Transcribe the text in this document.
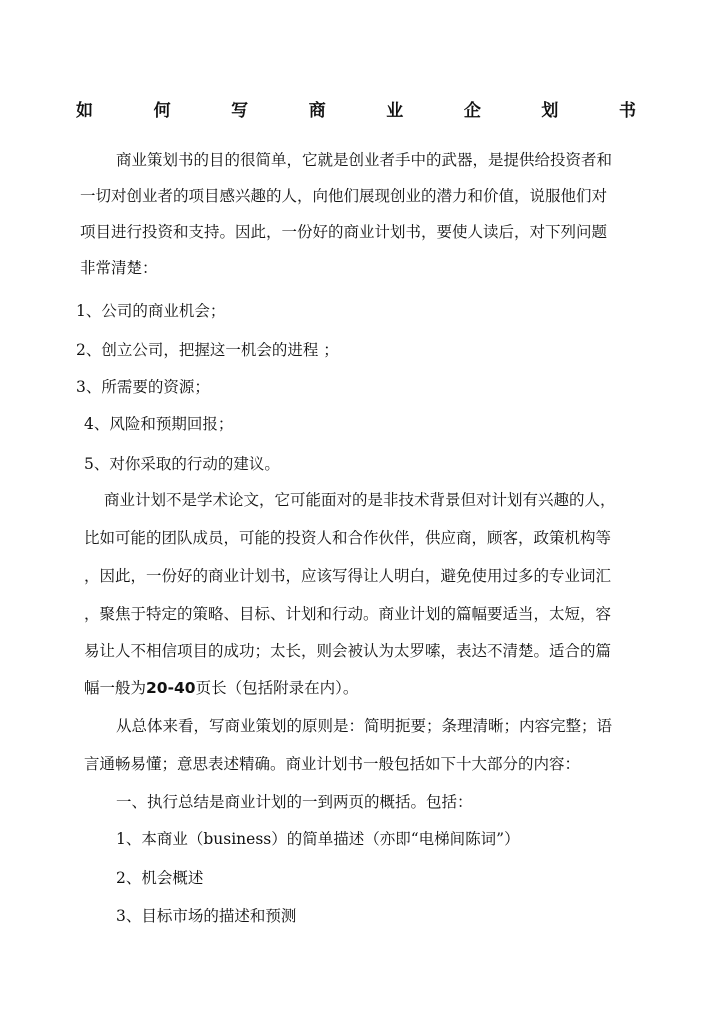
如	何	写	商	业	企	划	书
商业策划书的目的很简单，它就是创业者手中的武器，是提供给投资者和
一切对创业者的项目感兴趣的人，向他们展现创业的潜力和价值，说服他们对
项目进行投资和支持。因此，一份好的商业计划书，要使人读后，对下列问题
非常清楚：
1、公司的商业机会；
2、创立公司，把握这一机会的进程 ；
3、所需要的资源；
4、风险和预期回报；
5、对你采取的行动的建议。
商业计划不是学术论文，它可能面对的是非技术背景但对计划有兴趣的人，
比如可能的团队成员，可能的投资人和合作伙伴，供应商，顾客，政策机构等
，因此，一份好的商业计划书，应该写得让人明白，避免使用过多的专业词汇
，聚焦于特定的策略、目标、计划和行动。商业计划的篇幅要适当，太短，容
易让人不相信项目的成功；太长，则会被认为太罗嗦，表达不清楚。适合的篇
幅一般为20-40页长（包括附录在内）。
从总体来看，写商业策划的原则是：简明扼要；条理清晰；内容完整；语
言通畅易懂；意思表述精确。商业计划书一般包括如下十大部分的内容：
一、执行总结是商业计划的一到两页的概括。包括：
1、本商业（business）的简单描述（亦即“电梯间陈词”）
2、机会概述
3、目标市场的描述和预测
